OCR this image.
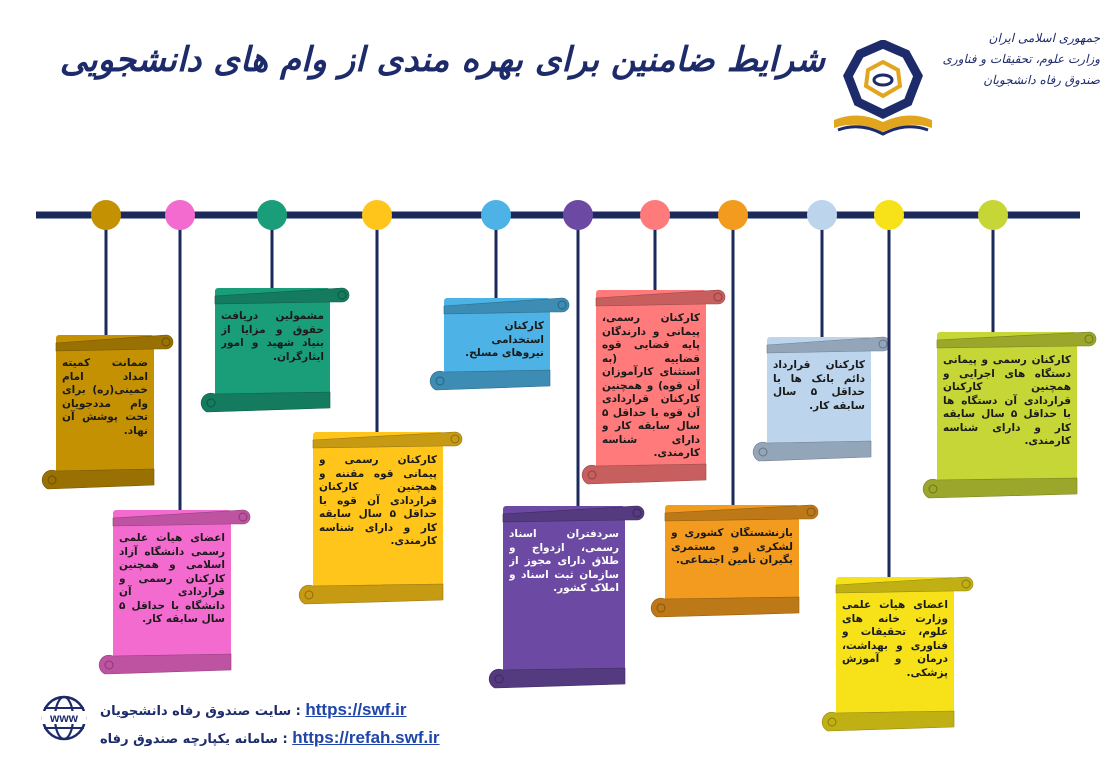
جمهوری اسلامی ایران
وزارت علوم، تحقیقات و فناوری
صندوق رفاه دانشجویان
شرایط ضامنین برای بهره مندی از وام های دانشجویی
ضمانت کمیته امداد امام خمینی(ره) برای وام مددجویان تحت پوشش آن نهاد.
اعضای هیأت علمی رسمی دانشگاه آزاد اسلامی و همچنین کارکنان رسمی و قراردادی آن دانشگاه با حداقل ۵ سال سابقه کار.
مشمولین دریافت حقوق و مزایا از بنیاد شهید و امور ایثارگران.
کارکنان رسمی و پیمانی قوه مقننه و همچنین کارکنان قراردادی آن قوه با حداقل ۵ سال سابقه کار و دارای شناسه کارمندی.
کارکنان استخدامی نیروهای مسلح.
سردفتران اسناد رسمی، ازدواج و طلاق دارای مجوز از سازمان ثبت اسناد و املاک کشور.
کارکنان رسمی، پیمانی و دارندگان پایه قضایی قوه قضاییه (به استثنای کارآموزان آن قوه) و همچنین کارکنان قراردادی آن قوه با حداقل ۵ سال سابقه کار و دارای شناسه کارمندی.
بازنشستگان کشوری و لشکری و مستمری بگیران تأمین اجتماعی.
کارکنان قرارداد دائم بانک ها با حداقل ۵ سال سابقه کار.
اعضای هیأت علمی وزارت خانه های علوم، تحقیقات و فناوری و بهداشت، درمان و آموزش پزشکی.
کارکنان رسمی و پیمانی دستگاه های اجرایی و همچنین کارکنان قراردادی آن دستگاه ها با حداقل ۵ سال سابقه کار و دارای شناسه کارمندی.
www : سایت صندوق رفاه دانشجویان https://swf.ir
: سامانه یکپارچه صندوق رفاه https://refah.swf.ir
